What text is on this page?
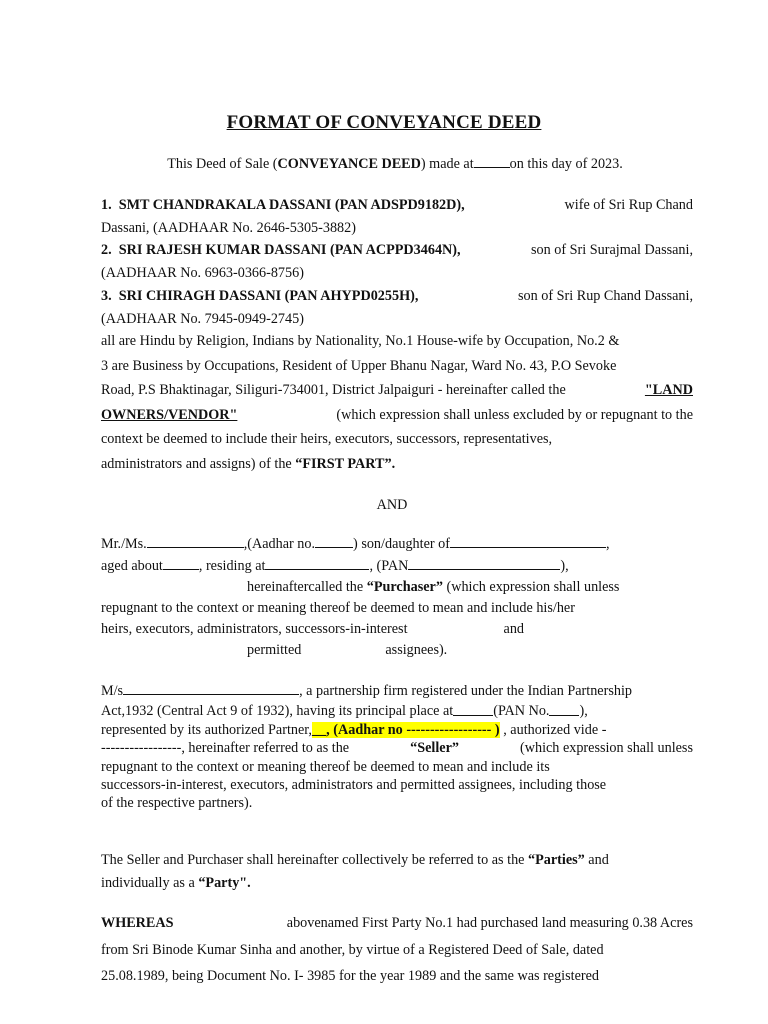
FORMAT OF CONVEYANCE DEED
This Deed of Sale (CONVEYANCE DEED) made at	on this day of 2023.
1. SMT CHANDRAKALA DASSANI (PAN ADSPD9182D),	wife of Sri Rup Chand
Dassani, (AADHAAR No. 2646-5305-3882)
2. SRI RAJESH KUMAR DASSANI (PAN ACPPD3464N),	son of Sri Surajmal Dassani,
(AADHAAR No. 6963-0366-8756)
3. SRI CHIRAGH DASSANI (PAN AHYPD0255H),	son of Sri Rup Chand Dassani,
(AADHAAR No. 7945-0949-2745)
all are Hindu by Religion, Indians by Nationality, No.1 House-wife by Occupation, No.2 &
3 are Business by Occupations, Resident of Upper Bhanu Nagar, Ward No. 43, P.O Sevoke
Road, P.S Bhaktinagar, Siliguri-734001, District Jalpaiguri - hereinafter called the	"LAND
OWNERS/VENDOR"	(which expression shall unless excluded by or repugnant to the
context be deemed to include their heirs, executors, successors, representatives,
administrators and assigns) of the “FIRST PART”.
AND
Mr./Ms.	,(Aadhar no.	) son/daughter of	,
aged about	, residing at	, (PAN	),
hereinaftercalled the “Purchaser” (which expression shall unless
repugnant to the context or meaning thereof be deemed to mean and include his/her
heirs, executors, administrators, successors-in-interest	and
permitted	assignees).
M/s	, a partnership firm registered under the Indian Partnership
Act,1932 (Central Act 9 of 1932), having its principal place at	(PAN No. ),
represented by its authorized Partner,__, (Aadhar no ------------------ ) , authorized vide -
-----------------, hereinafter referred to as the	“Seller”	(which expression shall unless
repugnant to the context or meaning thereof be deemed to mean and include its
successors-in-interest, executors, administrators and permitted assignees, including those
of the respective partners).
The Seller and Purchaser shall hereinafter collectively be referred to as the “Parties” and
individually as a “Party".
WHEREAS	abovenamed First Party No.1 had purchased land measuring 0.38 Acres
from Sri Binode Kumar Sinha and another, by virtue of a Registered Deed of Sale, dated
25.08.1989, being Document No. I- 3985 for the year 1989 and the same was registered
